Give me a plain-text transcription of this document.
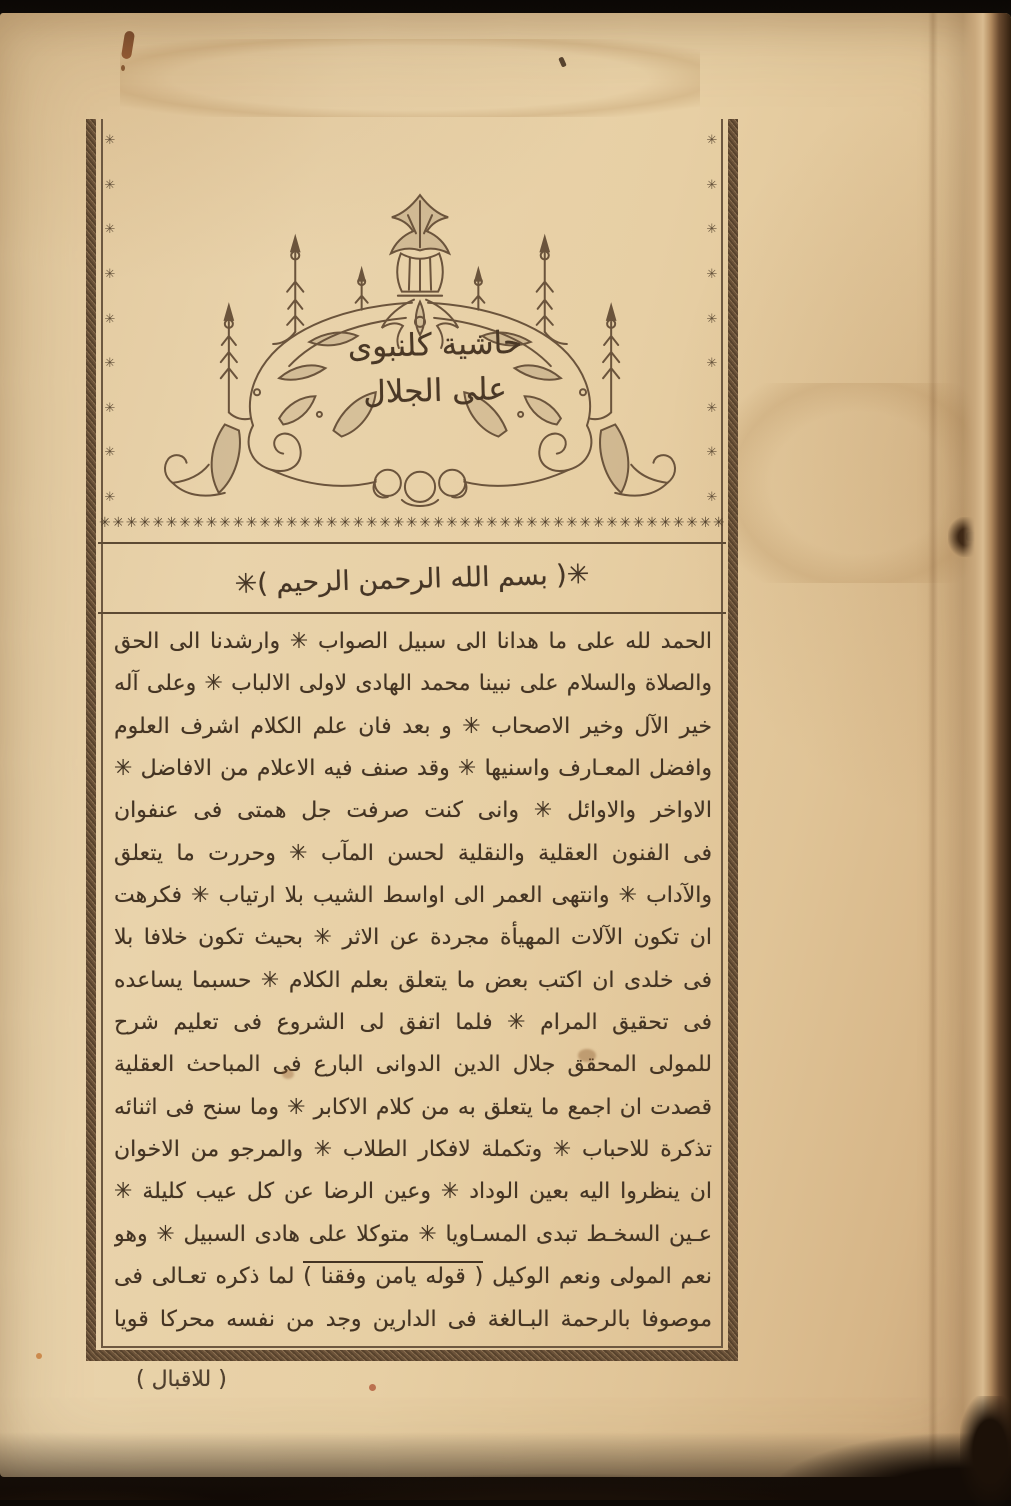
✳
✳
✳
✳
✳
✳
✳
✳
✳
✳
✳
✳
✳
✳
✳
✳
✳
✳
حاشية كلنبوى
على الجلال
✳ ✳ ✳ ✳ ✳ ✳ ✳ ✳ ✳ ✳ ✳ ✳ ✳ ✳ ✳ ✳ ✳ ✳ ✳ ✳ ✳ ✳ ✳ ✳ ✳ ✳ ✳ ✳ ✳ ✳ ✳ ✳ ✳ ✳ ✳ ✳ ✳ ✳ ✳ ✳ ✳ ✳ ✳ ✳ ✳ ✳ ✳
✳( بسم الله الرحمن الرحيم )✳
الحمد لله على ما هدانا الى سبيل الصواب ✳ وارشدنا الى الحق
والصلاة والسلام على نبينا محمد الهادى لاولى الالباب ✳ وعلى آله
خير الآل وخير الاصحاب ✳ و بعد فان علم الكلام اشرف العلوم
وافضل المعـارف واسنيها ✳ وقد صنف فيه الاعلام من الافاضل ✳
الاواخر والاوائل ✳ وانى كنت صرفت جل همتى فى عنفوان
فى الفنون العقلية والنقلية لحسن المآب ✳ وحررت ما يتعلق
والآداب ✳ وانتهى العمر الى اواسط الشيب بلا ارتياب ✳ فكرهت
ان تكون الآلات المهيأة مجردة عن الاثر ✳ بحيث تكون خلافا بلا
فى خلدى ان اكتب بعض ما يتعلق بعلم الكلام ✳ حسبما يساعده
فى تحقيق المرام ✳ فلما اتفق لى الشروع فى تعليم شرح
للمولى المحقق جلال الدين الدوانى البارع فى المباحث العقلية
قصدت ان اجمع ما يتعلق به من كلام الاكابر ✳ وما سنح فى اثنائه
تذكرة للاحباب ✳ وتكملة لافكار الطلاب ✳ والمرجو من الاخوان
ان ينظروا اليه بعين الوداد ✳ وعين الرضا عن كل عيب كليلة ✳
عـين السخـط تبدى المسـاويا ✳ متوكلا على هادى السبيل ✳ وهو
نعم المولى ونعم الوكيل ( قوله يامن وفقنا ) لما ذكره تعـالى فى
موصوفا بالرحمة البـالغة فى الدارين وجد من نفسه محركا قويا
( للاقبال )
